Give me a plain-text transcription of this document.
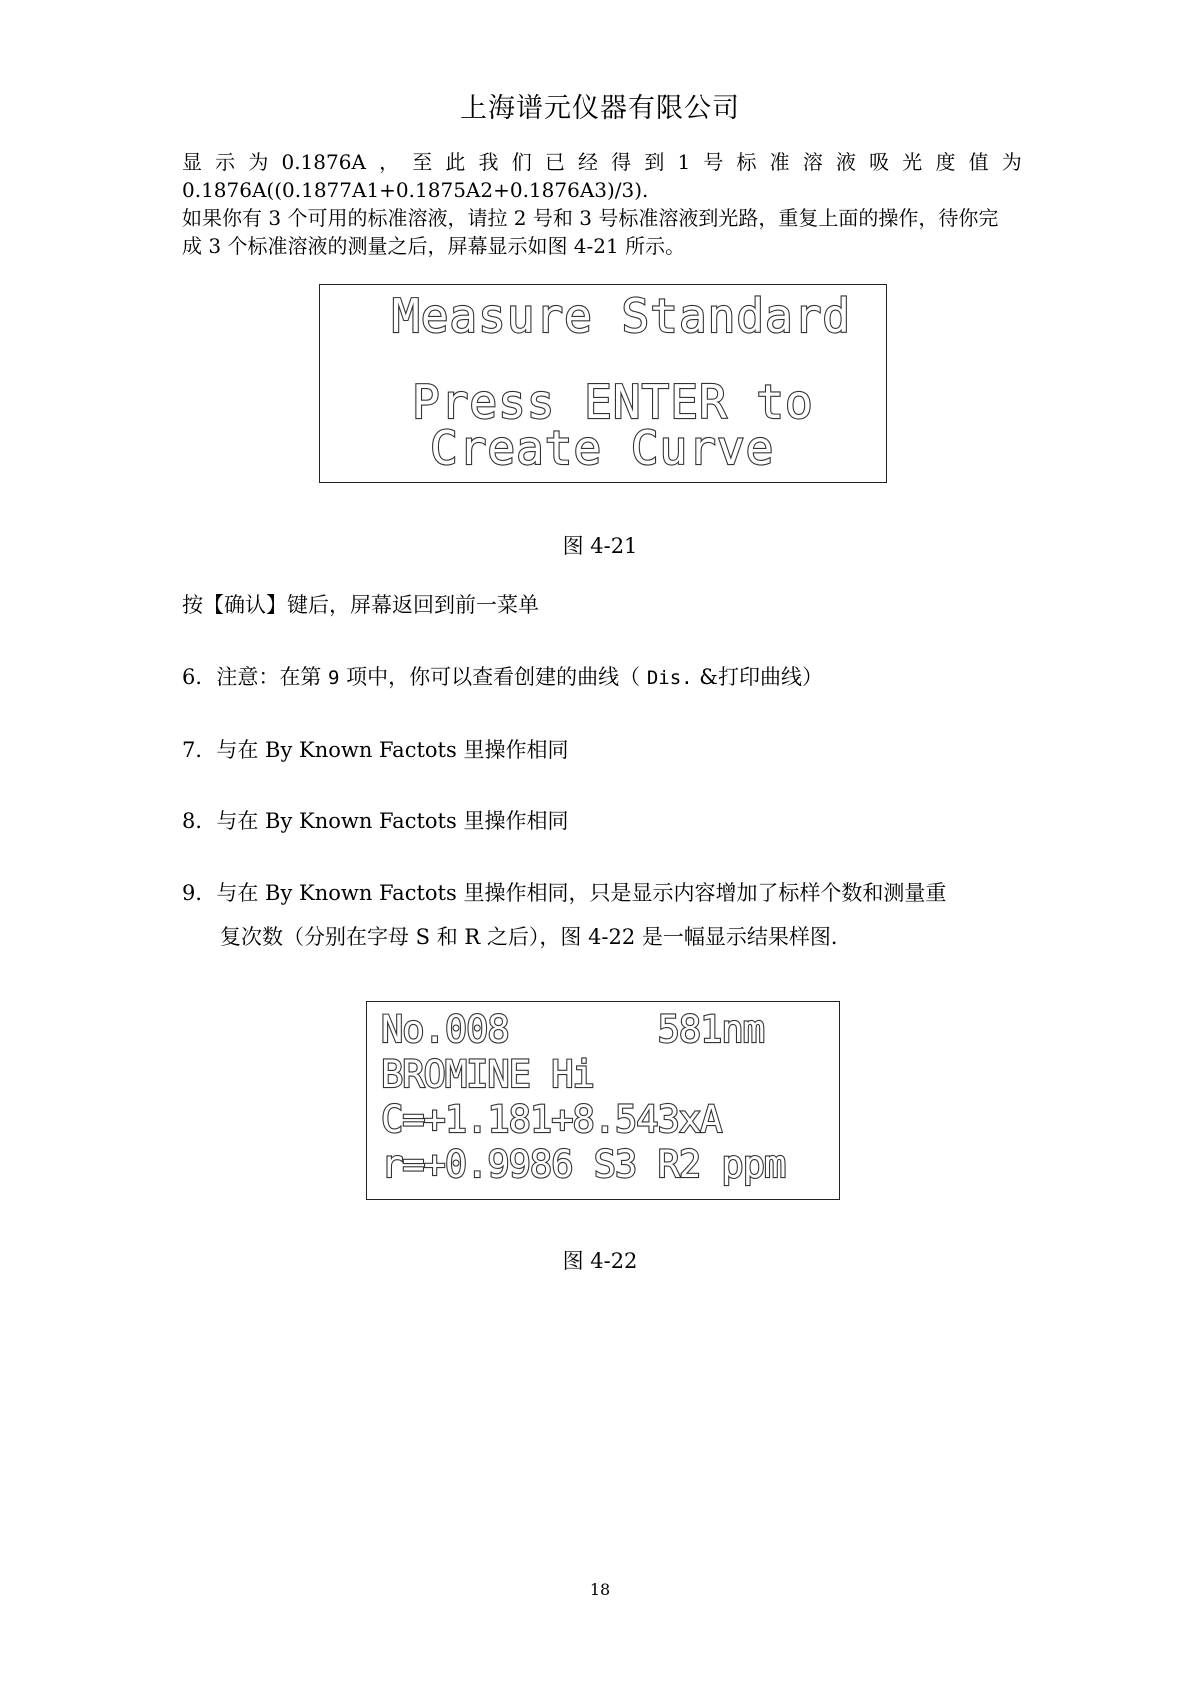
上海谱元仪器有限公司
显 示 为 0.1876A ， 至 此 我 们 已 经 得 到 1 号 标 准 溶 液 吸 光 度 值 为
0.1876A((0.1877A1+0.1875A2+0.1876A3)/3).
如果你有 3 个可用的标准溶液，请拉 2 号和 3 号标准溶液到光路，重复上面的操作，待你完
成 3 个标准溶液的测量之后，屏幕显示如图 4-21 所示。
Measure Standard
Press ENTER to
Create Curve
图 4-21
按【确认】键后，屏幕返回到前一菜单
6．注意：在第 9 项中，你可以查看创建的曲线（ Dis. &打印曲线）
7．与在 By Known Factots 里操作相同
8．与在 By Known Factots 里操作相同
9．与在 By Known Factots 里操作相同，只是显示内容增加了标样个数和测量重
复次数（分别在字母 S 和 R 之后），图 4-22 是一幅显示结果样图．
No.008       581nm
BROMINE Hi
C=+1.181+8.543xA
r=+0.9986 S3 R2 ppm
图 4-22
18
